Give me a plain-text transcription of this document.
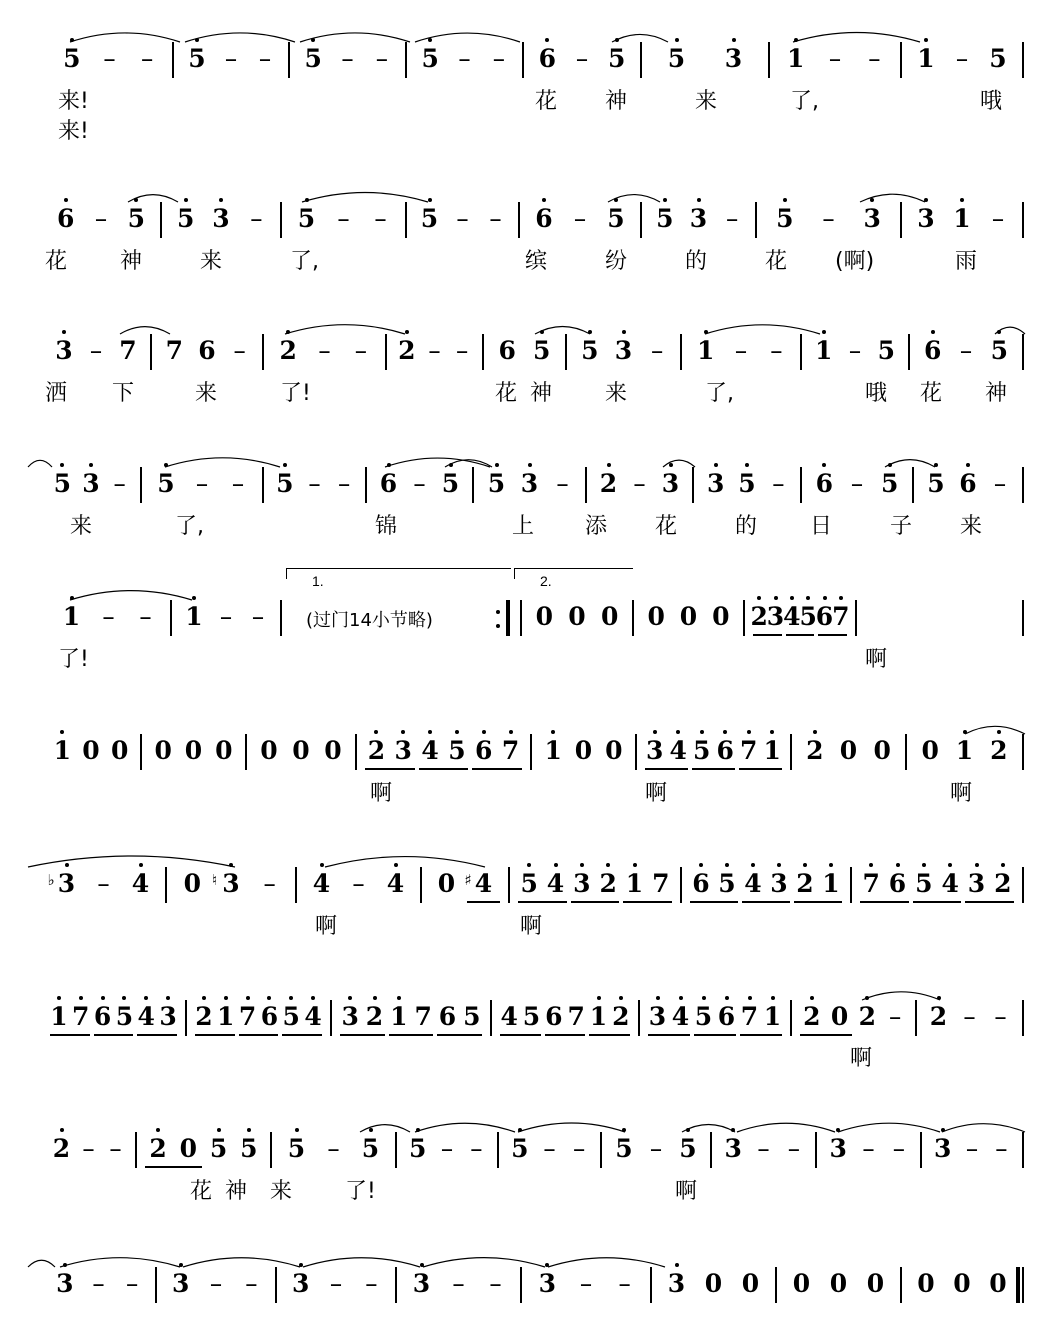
5 – – 5 – – 5 – – 5 – – 6 – 5 5 3 1 – – 1 – 5
来!	花 神	来	了,	哦
来!
6 – 5 5 3 – 5 – – 5 – – 6 – 5 5 3 – 5 – 3 3 1 –
花 神	来	了,	缤	纷	的	花 (啊)	雨
3 – 7 7 6 – 2 – – 2 – – 6 5 5 3 – 1 – – 1 – 5 6 – 5
洒 下	来	了!	花 神 来	了,	哦 花 神
5 3 – 5 – – 5 – – 6 – 5 5 3 – 2 – 3 3 5 – 6 – 5 5 6 –
来	了,	锦	上 添 花	的 日	子 来
1 – – 1 – –	0 0 0 0 0 0 2
3
4
5
6
7
1.	2.
(过门14小节略)
了!	啊
1 0 0 0 0 0 0 0 0 2 3 4 5 6 7 1 0 0 3 4 5 6 7 1 2 0 0 0 1 2
啊	啊	啊
3
♭ – 4 0 3
♮ – 4 – 4 0 4
♯ 5 4 3 2 1 7 6 5 4 3 2 1 7 6 5 4 3 2
啊	啊
1 7 6 5 4 3 2 1 7 6 5 4 3 2 1 7 6 5 4 5 6 7 1 2 3 4 5 6 7 1 2 0 2 – 2 – –
啊
2 – – 2 0 5 5 5 – 5 5 – – 5 – – 5 – 5 3 – – 3 – – 3 – –
花 神 来 了!	啊
3 – – 3 – – 3 – – 3 – – 3 – – 3 0 0 0 0 0 0 0 0
